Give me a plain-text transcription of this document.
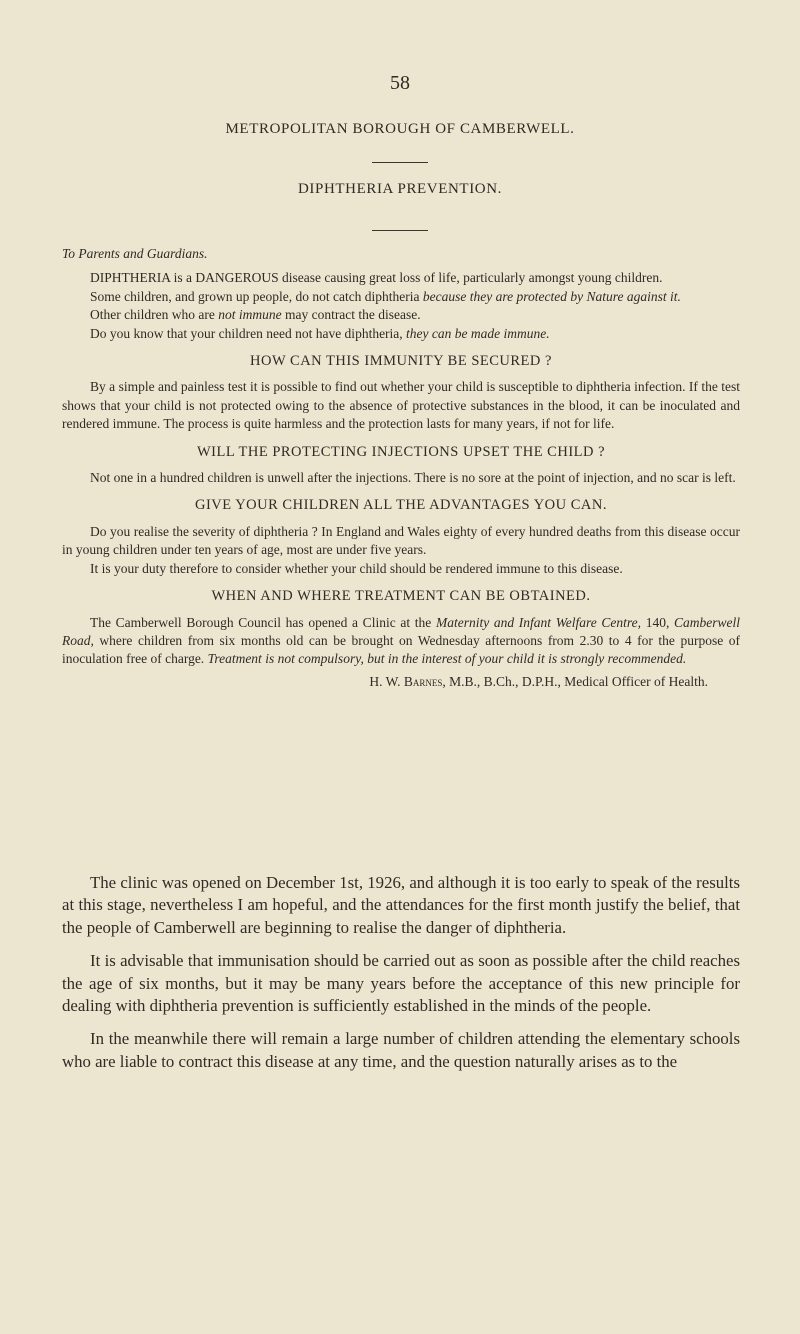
58
METROPOLITAN BOROUGH OF CAMBERWELL.
DIPHTHERIA PREVENTION.

To Parents and Guardians.

DIPHTHERIA is a DANGEROUS disease causing great loss of life, particularly amongst young children.

Some children, and grown up people, do not catch diphtheria because they are protected by Nature against it.

Other children who are not immune may contract the disease.

Do you know that your children need not have diphtheria, they can be made immune.

HOW CAN THIS IMMUNITY BE SECURED ?

By a simple and painless test it is possible to find out whether your child is susceptible to diphtheria infection. If the test shows that your child is not protected owing to the absence of protective substances in the blood, it can be inoculated and rendered immune. The process is quite harmless and the protection lasts for many years, if not for life.

WILL THE PROTECTING INJECTIONS UPSET THE CHILD ?

Not one in a hundred children is unwell after the injections. There is no sore at the point of injection, and no scar is left.

GIVE YOUR CHILDREN ALL THE ADVANTAGES YOU CAN.

Do you realise the severity of diphtheria ? In England and Wales eighty of every hundred deaths from this disease occur in young children under ten years of age, most are under five years.

It is your duty therefore to consider whether your child should be rendered immune to this disease.

WHEN AND WHERE TREATMENT CAN BE OBTAINED.

The Camberwell Borough Council has opened a Clinic at the Maternity and Infant Welfare Centre, 140, Camberwell Road, where children from six months old can be brought on Wednesday afternoons from 2.30 to 4 for the purpose of inoculation free of charge. Treatment is not compulsory, but in the interest of your child it is strongly recommended.

H. W. Barnes, M.B., B.Ch., D.P.H., Medical Officer of Health.

The clinic was opened on December 1st, 1926, and although it is too early to speak of the results at this stage, nevertheless I am hopeful, and the attendances for the first month justify the belief, that the people of Camberwell are beginning to realise the danger of diphtheria.

It is advisable that immunisation should be carried out as soon as possible after the child reaches the age of six months, but it may be many years before the acceptance of this new principle for dealing with diphtheria prevention is sufficiently established in the minds of the people.

In the meanwhile there will remain a large number of children attending the elementary schools who are liable to contract this disease at any time, and the question naturally arises as to the
